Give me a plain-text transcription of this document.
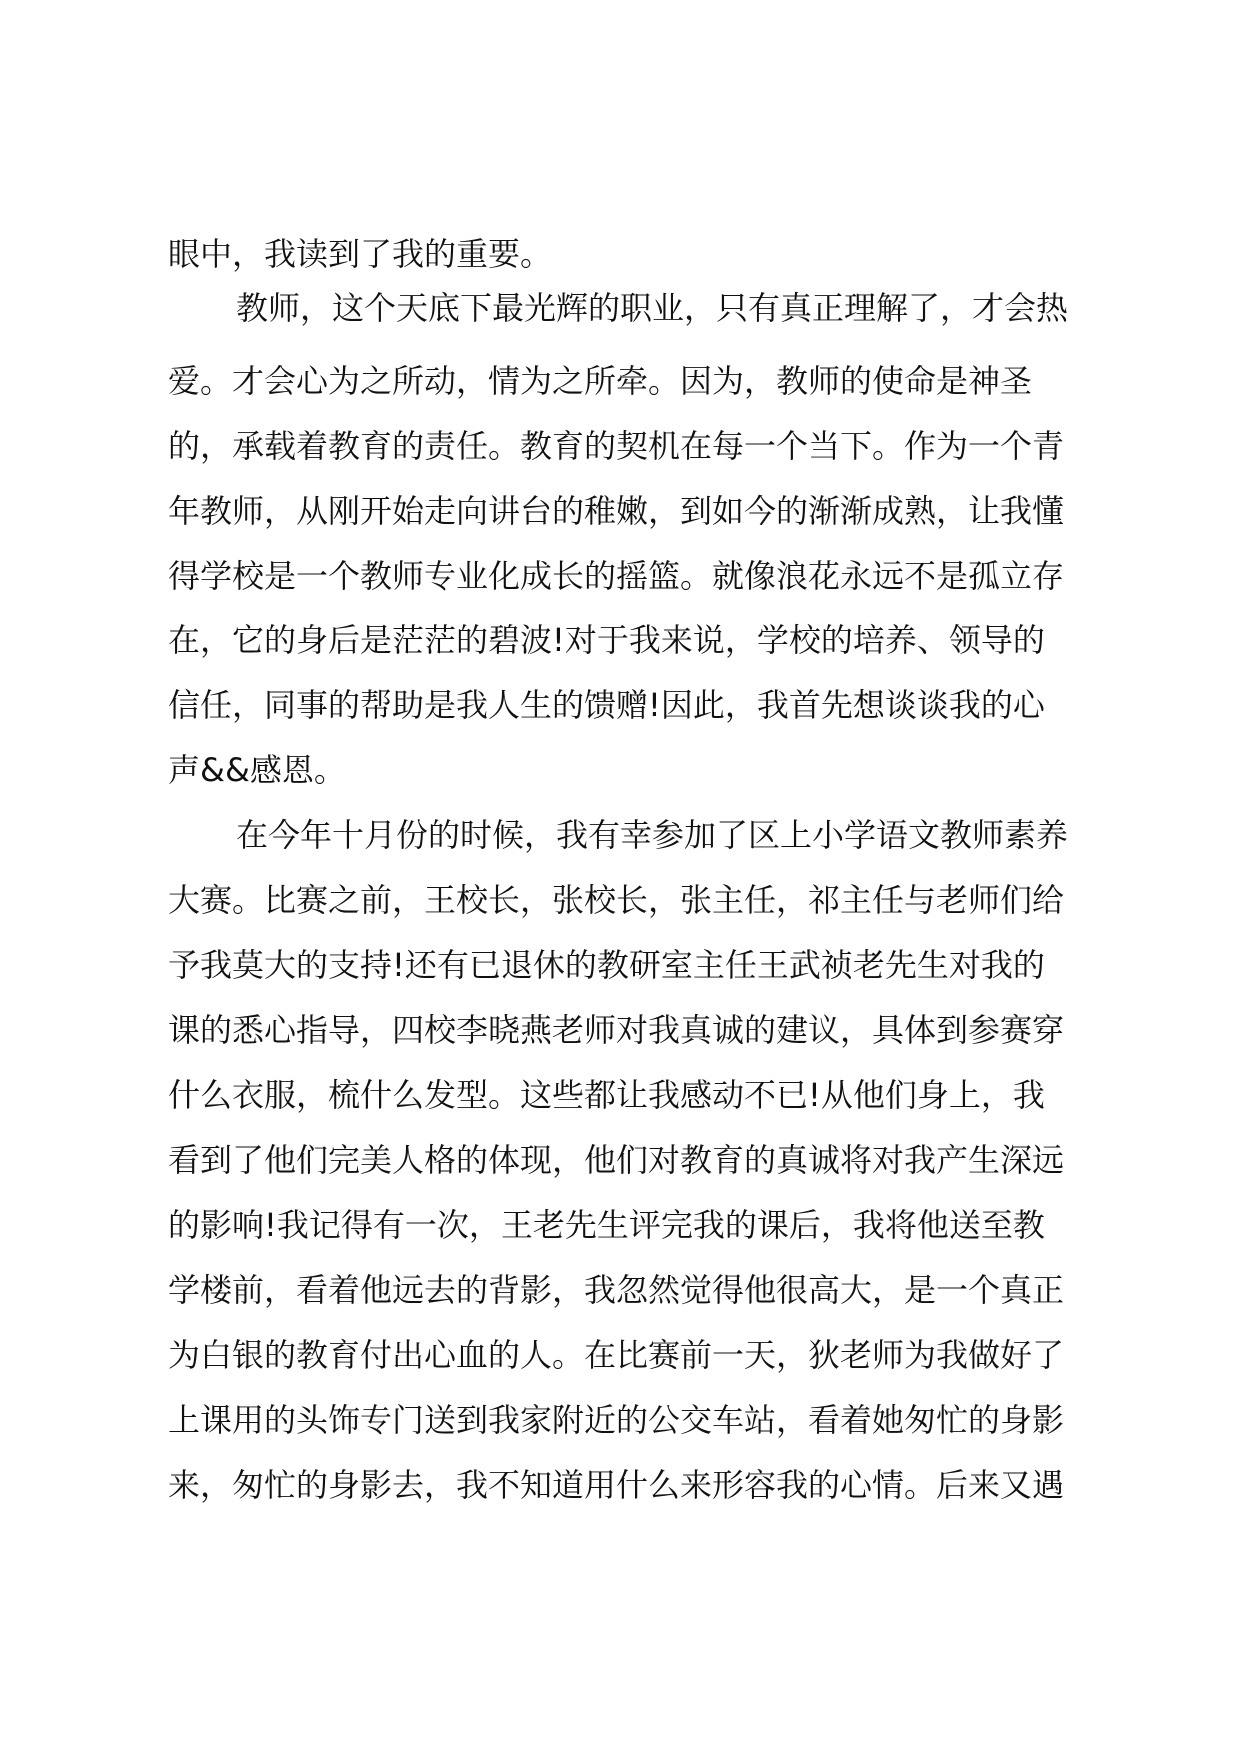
眼中，我读到了我的重要。
教师，这个天底下最光辉的职业，只有真正理解了，才会热
爱。才会心为之所动，情为之所牵。因为，教师的使命是神圣
的，承载着教育的责任。教育的契机在每一个当下。作为一个青
年教师，从刚开始走向讲台的稚嫩，到如今的渐渐成熟，让我懂
得学校是一个教师专业化成长的摇篮。就像浪花永远不是孤立存
在，它的身后是茫茫的碧波!对于我来说，学校的培养、领导的
信任，同事的帮助是我人生的馈赠!因此，我首先想谈谈我的心
声&&感恩。
在今年十月份的时候，我有幸参加了区上小学语文教师素养
大赛。比赛之前，王校长，张校长，张主任，祁主任与老师们给
予我莫大的支持!还有已退休的教研室主任王武祯老先生对我的
课的悉心指导，四校李晓燕老师对我真诚的建议，具体到参赛穿
什么衣服，梳什么发型。这些都让我感动不已!从他们身上，我
看到了他们完美人格的体现，他们对教育的真诚将对我产生深远
的影响!我记得有一次，王老先生评完我的课后，我将他送至教
学楼前，看着他远去的背影，我忽然觉得他很高大，是一个真正
为白银的教育付出心血的人。在比赛前一天，狄老师为我做好了
上课用的头饰专门送到我家附近的公交车站，看着她匆忙的身影
来，匆忙的身影去，我不知道用什么来形容我的心情。后来又遇
